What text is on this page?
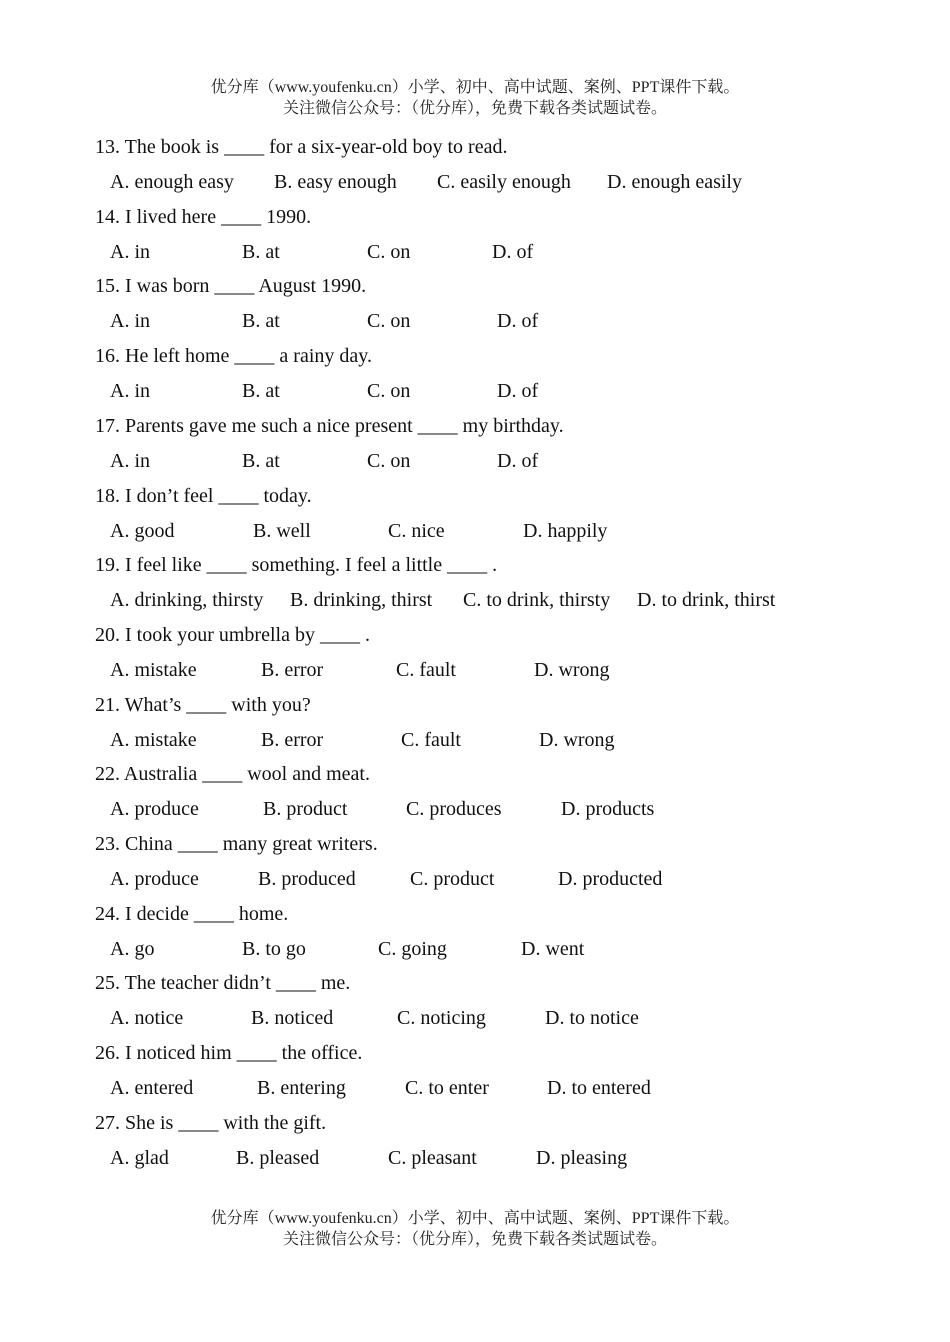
优分库（www.youfenku.cn）小学、初中、高中试题、案例、PPT课件下载。
关注微信公众号：（优分库），免费下载各类试题试卷。
13. The book is ____ for a six-year-old boy to read.
A. enough easy B. easy enough C. easily enough D. enough easily
14. I lived here ____ 1990.
A. in	B. at	C. on	D. of
15. I was born ____ August 1990.
A. in	B. at	C. on	D. of
16. He left home ____ a rainy day.
A. in	B. at	C. on	D. of
17. Parents gave me such a nice present ____ my birthday.
A. in	B. at	C. on	D. of
18. I don’t feel ____ today.
A. good	B. well	C. nice	D. happily
19. I feel like ____ something. I feel a little ____ .
A. drinking, thirsty B. drinking, thirst C. to drink, thirsty D. to drink, thirst
20. I took your umbrella by ____ .
A. mistake	B. error	C. fault	D. wrong
21. What’s ____ with you?
A. mistake	B. error	C. fault	D. wrong
22. Australia ____ wool and meat.
A. produce	B. product	C. produces	D. products
23. China ____ many great writers.
A. produce	B. produced	C. product	D. producted
24. I decide ____ home.
A. go	B. to go	C. going	D. went
25. The teacher didn’t ____ me.
A. notice	B. noticed	C. noticing	D. to notice
26. I noticed him ____ the office.
A. entered	B. entering	C. to enter	D. to entered
27. She is ____ with the gift.
A. glad	B. pleased	C. pleasant	D. pleasing
优分库（www.youfenku.cn）小学、初中、高中试题、案例、PPT课件下载。
关注微信公众号：（优分库），免费下载各类试题试卷。
